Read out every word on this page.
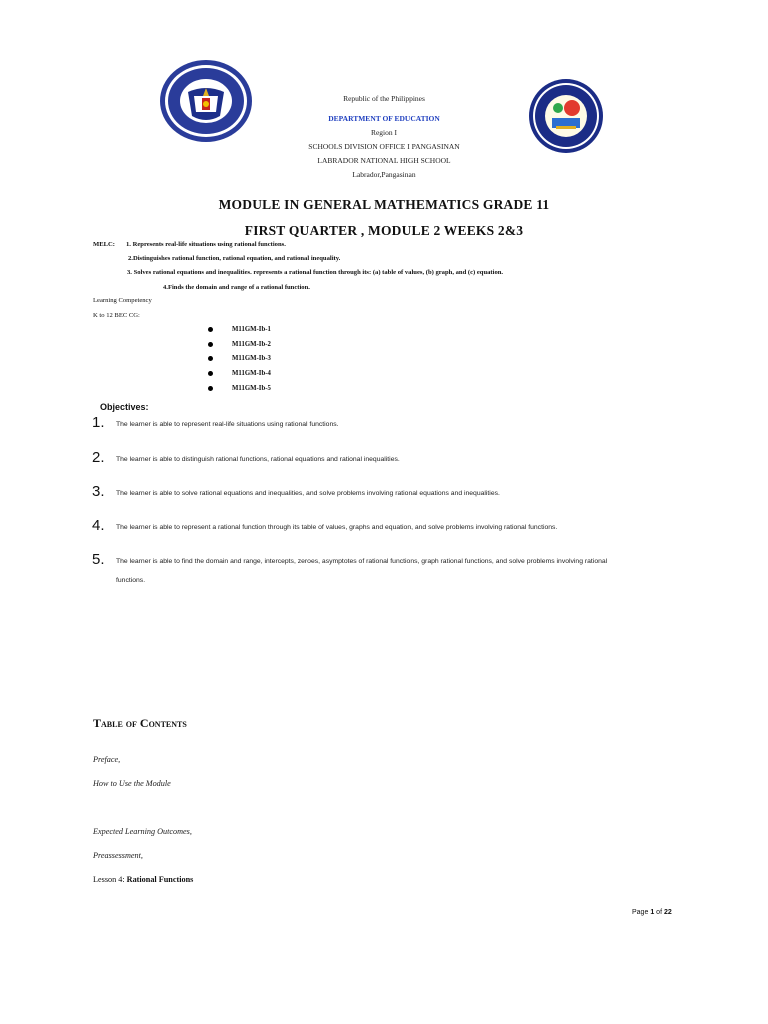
Republic of the Philippines
DEPARTMENT OF EDUCATION
Region I
SCHOOLS DIVISION OFFICE I PANGASINAN
LABRADOR NATIONAL HIGH SCHOOL
Labrador,Pangasinan
MODULE IN GENERAL MATHEMATICS GRADE 11
FIRST QUARTER , MODULE 2 WEEKS 2&3
MELC: 1. Represents real-life situations using rational functions.
2.Distinguishes rational function, rational equation, and rational inequality.
3. Solves rational equations and inequalities. represents a rational function through its: (a) table of values, (b) graph, and (c) equation.
4.Finds the domain and range of a rational function.
Learning Competency
K to 12 BEC CG:
M11GM-Ib-1
M11GM-Ib-2
M11GM-Ib-3
M11GM-Ib-4
M11GM-Ib-5
Objectives:
1. The learner is able to represent real-life situations using rational functions.
2. The learner is able to distinguish rational functions, rational equations and rational inequalities.
3. The learner is able to solve rational equations and inequalities, and solve problems involving rational equations and inequalities.
4. The learner is able to represent a rational function through its table of values, graphs and equation, and solve problems involving rational functions.
5. The learner is able to find the domain and range, intercepts, zeroes, asymptotes of rational functions, graph rational functions, and solve problems involving rational
functions.
Table of Contents
Preface,
How to Use the Module
Expected Learning Outcomes,
Preassessment,
Lesson 4: Rational Functions
Page 1 of 22
